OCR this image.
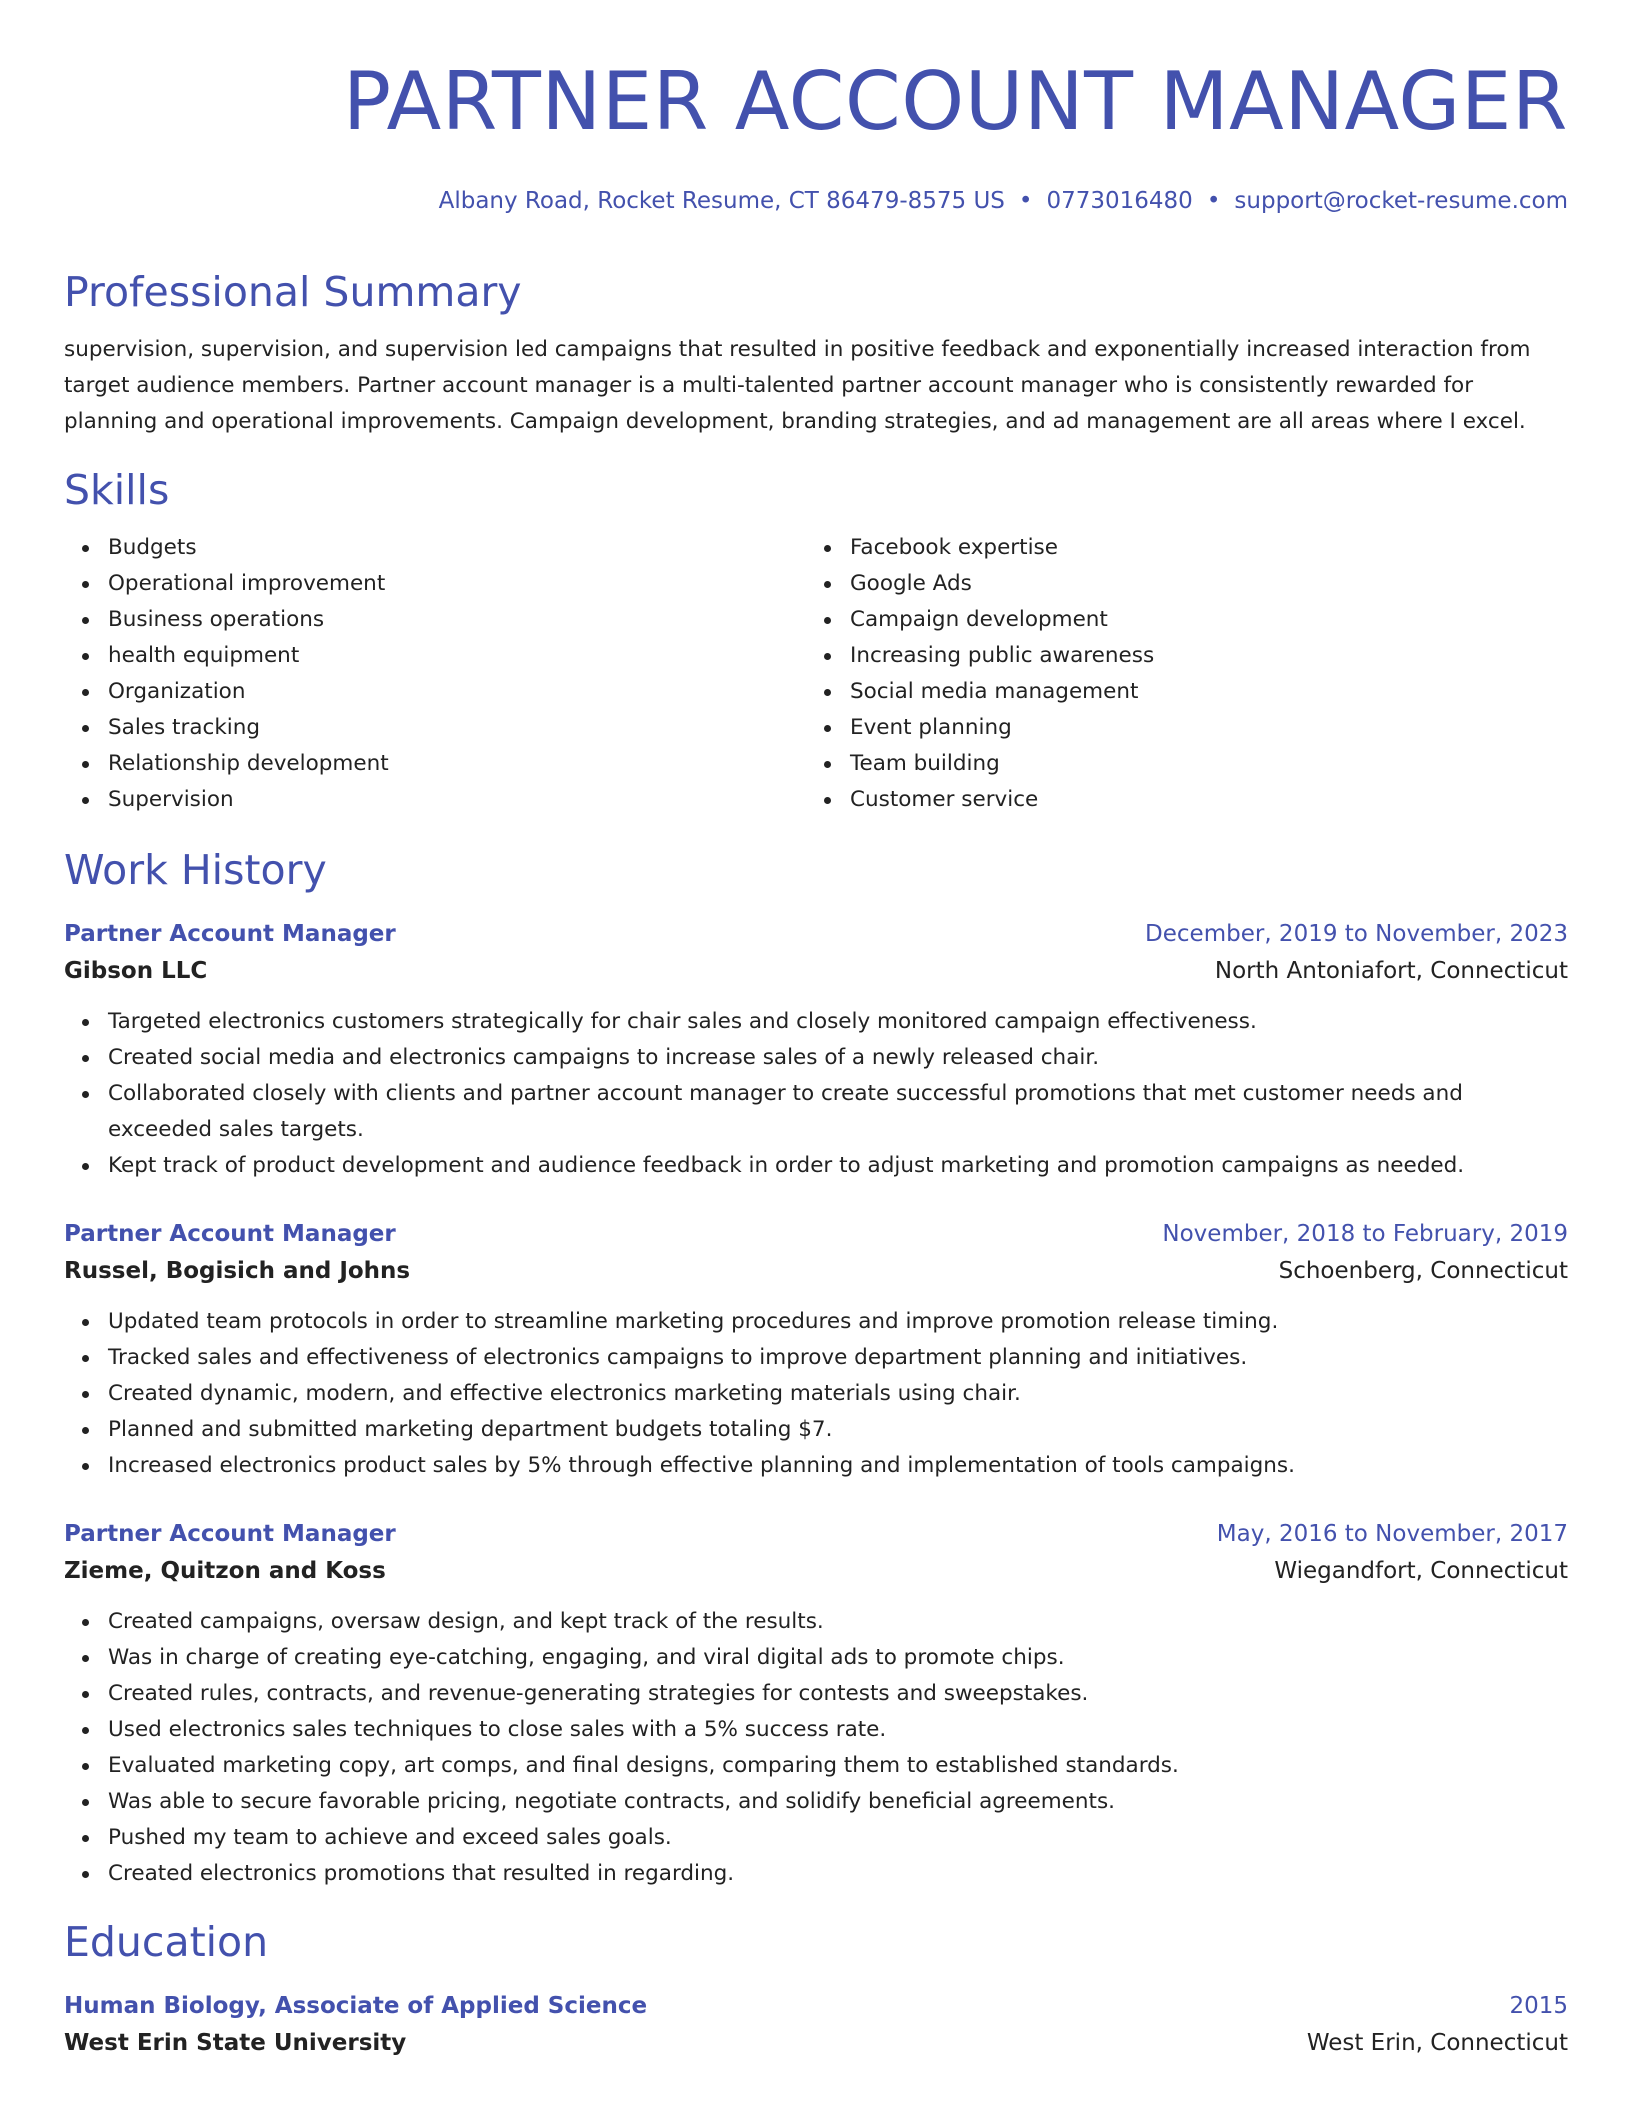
PARTNER ACCOUNT MANAGER
Albany Road, Rocket Resume, CT 86479-8575 US • 0773016480 • support@rocket-resume.com
Professional Summary

supervision, supervision, and supervision led campaigns that resulted in positive feedback and exponentially increased interaction from target audience members. Partner account manager is a multi-talented partner account manager who is consistently rewarded for planning and operational improvements. Campaign development, branding strategies, and ad management are all areas where I excel.

Skills
Budgets
Operational improvement
Business operations
health equipment
Organization
Sales tracking
Relationship development
Supervision
Facebook expertise
Google Ads
Campaign development
Increasing public awareness
Social media management
Event planning
Team building
Customer service
Work History
Partner Account Manager	December, 2019 to November, 2023
Gibson LLC	North Antoniafort, Connecticut
Targeted electronics customers strategically for chair sales and closely monitored campaign effectiveness.
Created social media and electronics campaigns to increase sales of a newly released chair.
Collaborated closely with clients and partner account manager to create successful promotions that met customer needs and exceeded sales targets.
Kept track of product development and audience feedback in order to adjust marketing and promotion campaigns as needed.
Partner Account Manager	November, 2018 to February, 2019
Russel, Bogisich and Johns	Schoenberg, Connecticut
Updated team protocols in order to streamline marketing procedures and improve promotion release timing.
Tracked sales and effectiveness of electronics campaigns to improve department planning and initiatives.
Created dynamic, modern, and effective electronics marketing materials using chair.
Planned and submitted marketing department budgets totaling $7.
Increased electronics product sales by 5% through effective planning and implementation of tools campaigns.
Partner Account Manager	May, 2016 to November, 2017
Zieme, Quitzon and Koss	Wiegandfort, Connecticut
Created campaigns, oversaw design, and kept track of the results.
Was in charge of creating eye-catching, engaging, and viral digital ads to promote chips.
Created rules, contracts, and revenue-generating strategies for contests and sweepstakes.
Used electronics sales techniques to close sales with a 5% success rate.
Evaluated marketing copy, art comps, and final designs, comparing them to established standards.
Was able to secure favorable pricing, negotiate contracts, and solidify beneficial agreements.
Pushed my team to achieve and exceed sales goals.
Created electronics promotions that resulted in regarding.
Education
Human Biology, Associate of Applied Science	2015
West Erin State University	West Erin, Connecticut
